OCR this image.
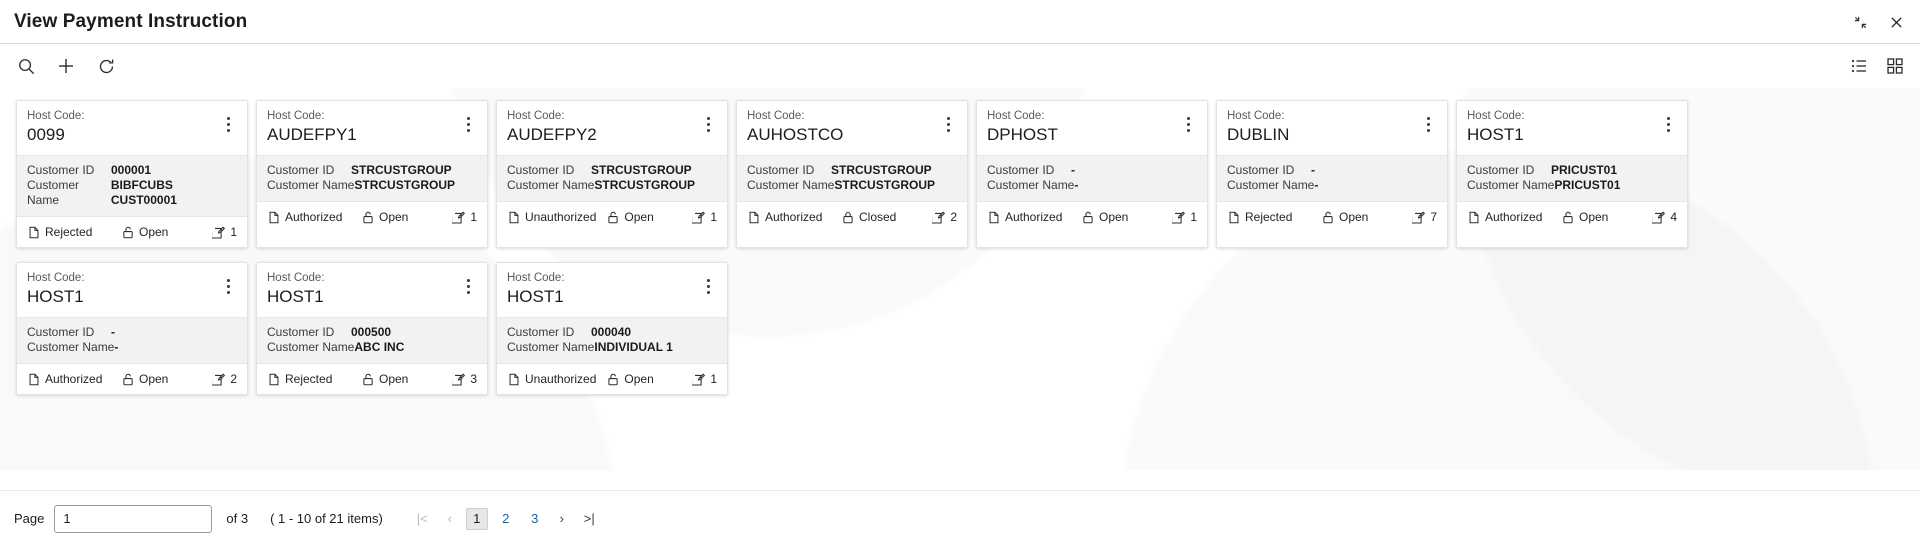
View Payment Instruction
Host Code:
0099
Customer ID	000001
Customer Name
BIBFCUBS CUST00001
Rejected	Open	1
Host Code:
AUDEFPY1
Customer ID	STRCUSTGROUP
Customer Name STRCUSTGROUP
Authorized	Open	1
Host Code:
AUDEFPY2
Customer ID	STRCUSTGROUP
Customer Name STRCUSTGROUP
Unauthorized Open	1
Host Code:
AUHOSTCO
Customer ID	STRCUSTGROUP
Customer Name STRCUSTGROUP
Authorized	Closed	2
Host Code:
DPHOST
Customer ID	-
Customer Name -
Authorized	Open	1
Host Code:
DUBLIN
Customer ID	-
Customer Name -
Rejected	Open	7
Host Code:
HOST1
Customer ID	PRICUST01
Customer Name PRICUST01
Authorized	Open	4
Host Code:
HOST1
Customer ID	-
Customer Name -
Authorized	Open	2
Host Code:
HOST1
Customer ID	000500
Customer Name ABC INC
Rejected	Open	3
Host Code:
HOST1
Customer ID	000040
Customer Name INDIVIDUAL 1
Unauthorized Open	1
Page
1	of 3 ( 1 - 10 of 21 items)	|<	‹	1	2	3	›	>|
